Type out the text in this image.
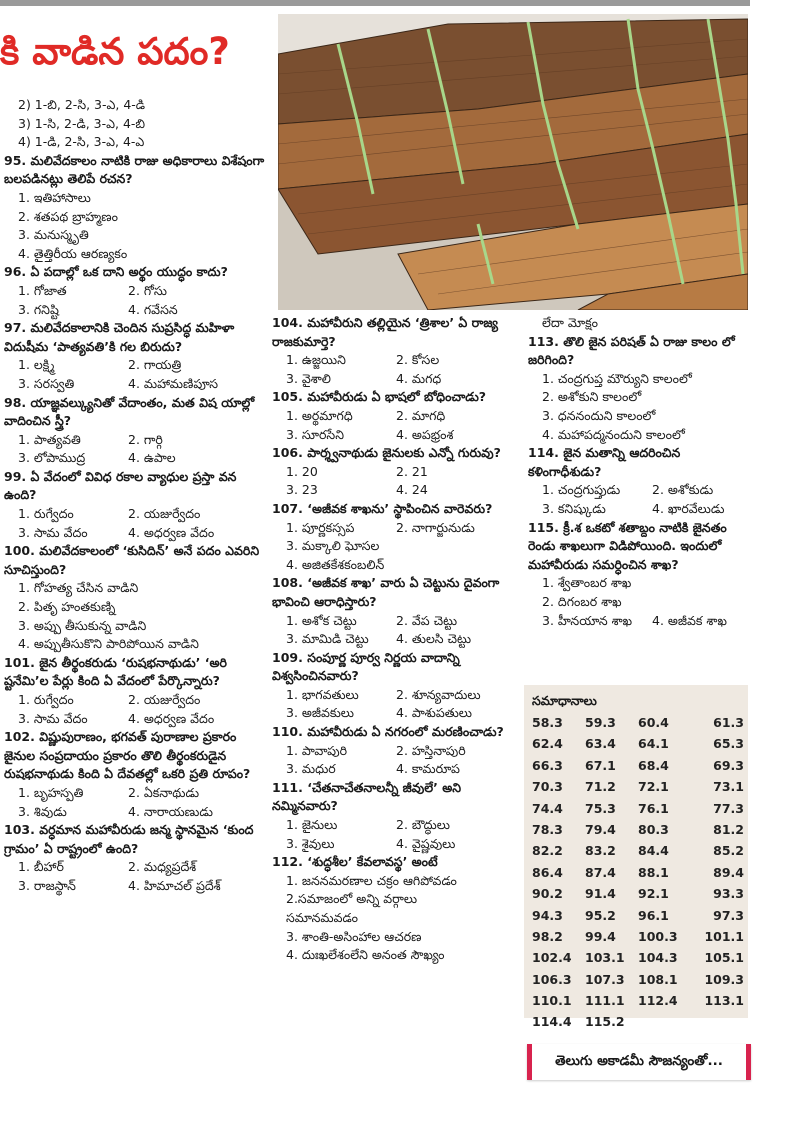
కి వాడిన పదం?
2) 1-బి, 2-సి, 3-ఎ, 4-డి
3) 1-సి, 2-డి, 3-ఎ, 4-బి
4) 1-డి, 2-సి, 3-ఎ, 4-ఎ
95. మలివేదకాలం నాటికి రాజు అధికారాలు విశేషంగా బలపడినట్లు తెలిపే రచన?
1. ఇతిహాసాలు
2. శతపథ బ్రాహ్మణం
3. మనుస్మృతి
4. తైత్తిరీయ ఆరణ్యకం
96. ఏ పదాల్లో ఒక దాని అర్థం యుద్ధం కాదు?
1. గోజాత	2. గోసు
3. గనిష్టి	4. గవేసన
97. మలివేదకాలానికి చెందిన సుప్రసిద్ధ మహిళా విదుషీమ ‘పాత్యవతి’కి గల బిరుదు?
1. లక్ష్మి	2. గాయత్రి
3. సరస్వతి	4. మహామణిపూస
98. యాజ్ఞవల్క్యునితో వేదాంతం, మత విష యాల్లో వాదించిన స్త్రీ?
1. పాత్యవతి	2. గార్గి
3. లోపాముద్ర	4. ఉపాల
99. ఏ వేదంలో వివిధ రకాల వ్యాధుల ప్రస్తా వన ఉంది?
1. రుగ్వేదం	2. యజుర్వేదం
3. సామ వేదం	4. అధర్వణ వేదం
100. మలివేదకాలంలో ‘కుసిదిన్’ అనే పదం ఎవరిని సూచిస్తుంది?
1. గోహత్య చేసిన వాడిని
2. పితృ హంతకుణ్ని
3. అప్పు తీసుకున్న వాడిని
4. అప్పుతీసుకొని పారిపోయిన వాడిని
101. జైన తీర్థంకరుడు ‘రుషభనాథుడు’ ‘అరి ష్టనేమి’ల పేర్లు కింది ఏ వేదంలో పేర్కొన్నారు?
1. రుగ్వేదం	2. యజుర్వేదం
3. సామ వేదం	4. అధర్వణ వేదం
102. విష్ణుపురాణం, భగవత్ పురాణాల ప్రకారం జైనుల సంప్రదాయం ప్రకారం తొలి తీర్థంకరుడైన రుషభనాథుడు కింది ఏ దేవతల్లో ఒకరి ప్రతి రూపం?
1. బృహస్పతి	2. ఏకనాథుడు
3. శివుడు	4. నారాయణుడు
103. వర్ధమాన మహావీరుడు జన్మ స్థానమైన ‘కుంద గ్రామం’ ఏ రాష్ట్రంలో ఉంది?
1. బీహార్	2. మధ్యప్రదేశ్
3. రాజస్థాన్	4. హిమాచల్ ప్రదేశ్
104. మహావీరుని తల్లియైన ‘త్రిశాల’ ఏ రాజ్య రాజకుమార్తె?
1. ఉజ్జయిని	2. కోసల
3. వైశాలి	4. మగధ
105. మహావీరుడు ఏ భాషలో బోధించాడు?
1. అర్థమాగధి	2. మాగధి
3. సూరసేని	4. అపభ్రంశ
106. పార్శ్వనాథుడు జైనులకు ఎన్నో గురువు?
1. 20	2. 21
3. 23	4. 24
107. ‘అజీవక శాఖను’ స్థాపించిన వారెవరు?
1. పూర్ణకస్సప	2. నాగార్జునుడు
3. మక్కాలి ఘోసల
4. అజితకేశకంబలిన్
108. ‘అజీవక శాఖ’ వారు ఏ చెట్టును దైవంగా భావించి ఆరాధిస్తారు?
1. అశోక చెట్టు	2. వేప చెట్టు
3. మామిడి చెట్టు	4. తులసి చెట్టు
109. సంపూర్ణ పూర్వ నిర్ణయ వాదాన్ని విశ్వసించినవారు?
1. భాగవతులు	2. శూన్యవాదులు
3. అజీవకులు	4. పాశుపతులు
110. మహావీరుడు ఏ నగరంలో మరణించాడు?
1. పావాపురి	2. హస్తినాపురి
3. మధుర	4. కామరూప
111. ‘చేతనాచేతనాలన్నీ జీవులే’ అని నమ్మినవారు?
1. జైనులు	2. బౌద్ధులు
3. శైవులు	4. వైష్ణవులు
112. ‘శుద్ధశీల’ కేవలావస్థ’ అంటే
1. జననమరణాల చక్రం ఆగిపోవడం
2.సమాజంలో అన్ని వర్గాలు
సమానమవడం
3. శాంతి-అసింహాల ఆచరణ
4. దుఃఖలేశంలేని అనంత సౌఖ్యం
లేదా మోక్షం
113. తొలి జైన పరిషత్ ఏ రాజు కాలం లో జరిగింది?
1. చంద్రగుప్త మౌర్యుని కాలంలో
2. అశోకుని కాలంలో
3. ధననందుని కాలంలో
4. మహాపద్మనందుని కాలంలో
114. జైన మతాన్ని ఆదరించిన కళింగాధీశుడు?
1. చంద్రగుప్తుడు	2. అశోకుడు
3. కనిష్కుడు	4. ఖారవేలుడు
115. క్రీ.శ ఒకటో శతాబ్దం నాటికి జైనతం రెండు శాఖలుగా విడిపోయింది. ఇందులో మహావీరుడు సమర్ధించిన శాఖ?
1. శ్వేతాంబర శాఖ
2. దిగంబర శాఖ
3. హీనయాన శాఖ	4. అజీవక శాఖ
సమాధానాలు
58.3	59.3	60.4	61.3
62.4	63.4	64.1	65.3
66.3	67.1	68.4	69.3
70.3	71.2	72.1	73.1
74.4	75.3	76.1	77.3
78.3	79.4	80.3	81.2
82.2	83.2	84.4	85.2
86.4	87.4	88.1	89.4
90.2	91.4	92.1	93.3
94.3	95.2	96.1	97.3
98.2	99.4	100.3	101.1
102.4	103.1	104.3	105.1
106.3	107.3	108.1	109.3
110.1	111.1	112.4	113.1
114.4	115.2
తెలుగు అకాడమీ సౌజన్యంతో...
